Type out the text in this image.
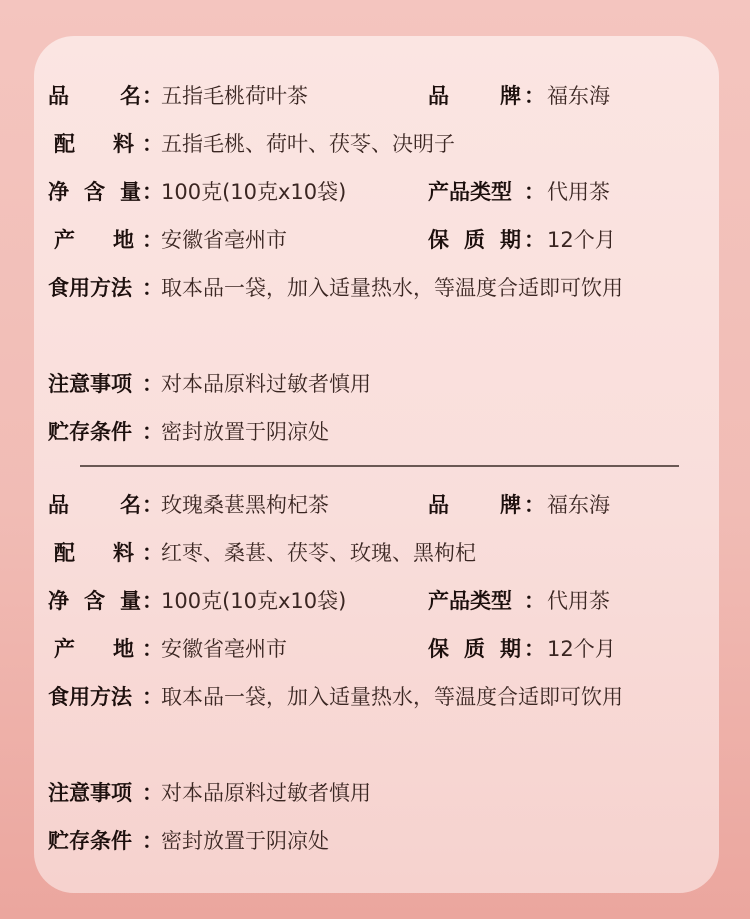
品 名 ：
五指毛桃荷叶茶	品 牌 ： 福东海
配 料 ：
五指毛桃、荷叶、茯苓、决明子
净 含 量 ：
100克(10克x10袋)	产品类型 ： 代用茶
产 地 ：
安徽省亳州市	保 质 期 ： 12个月
食用方法 ：
取本品一袋，加入适量热水，等温度合适即可饮用
注意事项 ：
对本品原料过敏者慎用
贮存条件 ：
密封放置于阴凉处
品 名 ：
玫瑰桑葚黑枸杞茶	品 牌 ： 福东海
配 料 ：
红枣、桑葚、茯苓、玫瑰、黑枸杞
净 含 量 ：
100克(10克x10袋)	产品类型 ： 代用茶
产 地 ：
安徽省亳州市	保 质 期 ： 12个月
食用方法 ：
取本品一袋，加入适量热水，等温度合适即可饮用
注意事项 ：
对本品原料过敏者慎用
贮存条件 ：
密封放置于阴凉处
